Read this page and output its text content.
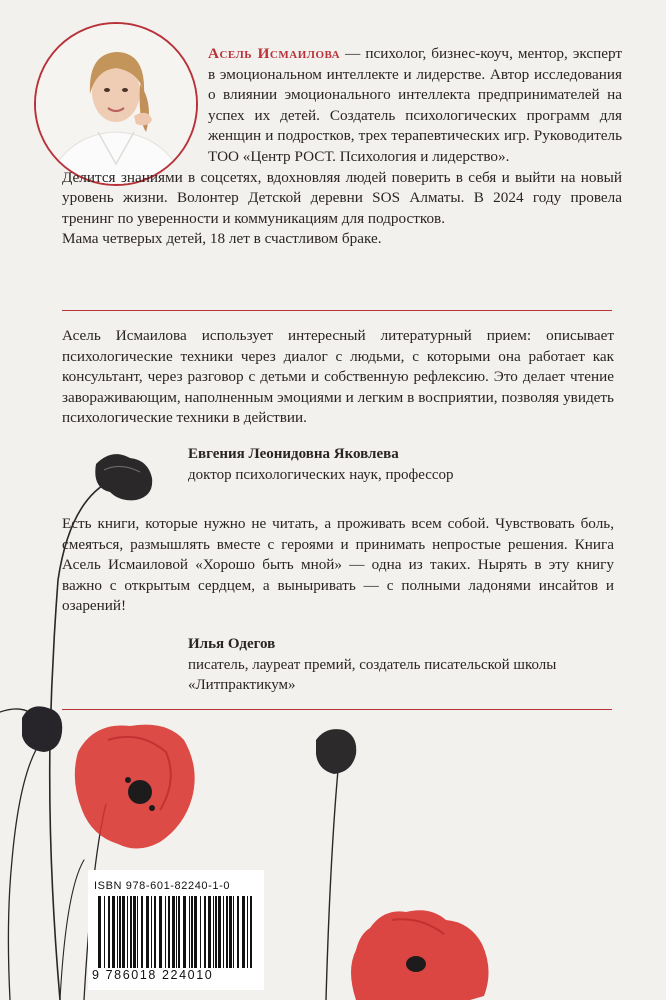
Асель Исмаилова — психолог, бизнес-коуч, ментор, эксперт в эмоциональном интеллекте и лидерстве. Автор исследования о влиянии эмоционального интеллекта предпринимателей на успех их детей. Создатель психологических программ для женщин и подростков, трех терапевтических игр. Руководитель ТОО «Центр РОСТ. Психология и лидерство».

Делится знаниями в соцсетях, вдохновляя людей поверить в себя и выйти на новый уровень жизни. Волонтер Детской деревни SOS Алматы. В 2024 году провела тренинг по уверенности и коммуникациям для подростков.

Мама четверых детей, 18 лет в счастливом браке.

Асель Исмаилова использует интересный литературный прием: описывает психологические техники через диалог с людьми, с которыми она работает как консультант, через разговор с детьми и собственную рефлексию. Это делает чтение завораживающим, наполненным эмоциями и легким в восприятии, позволяя увидеть психологические техники в действии.

Евгения Леонидовна Яковлева
доктор психологических наук, профессор

Есть книги, которые нужно не читать, а проживать всем собой. Чувствовать боль, смеяться, размышлять вместе с героями и принимать непростые решения. Книга Асель Исмаиловой «Хорошо быть мной» — одна из таких. Нырять в эту книгу важно с открытым сердцем, а выныривать — с полными ладонями инсайтов и озарений!

Илья Одегов
писатель, лауреат премий, создатель писательской школы «Литпрактикум»
ISBN 978-601-82240-1-0
9 786018 224010
